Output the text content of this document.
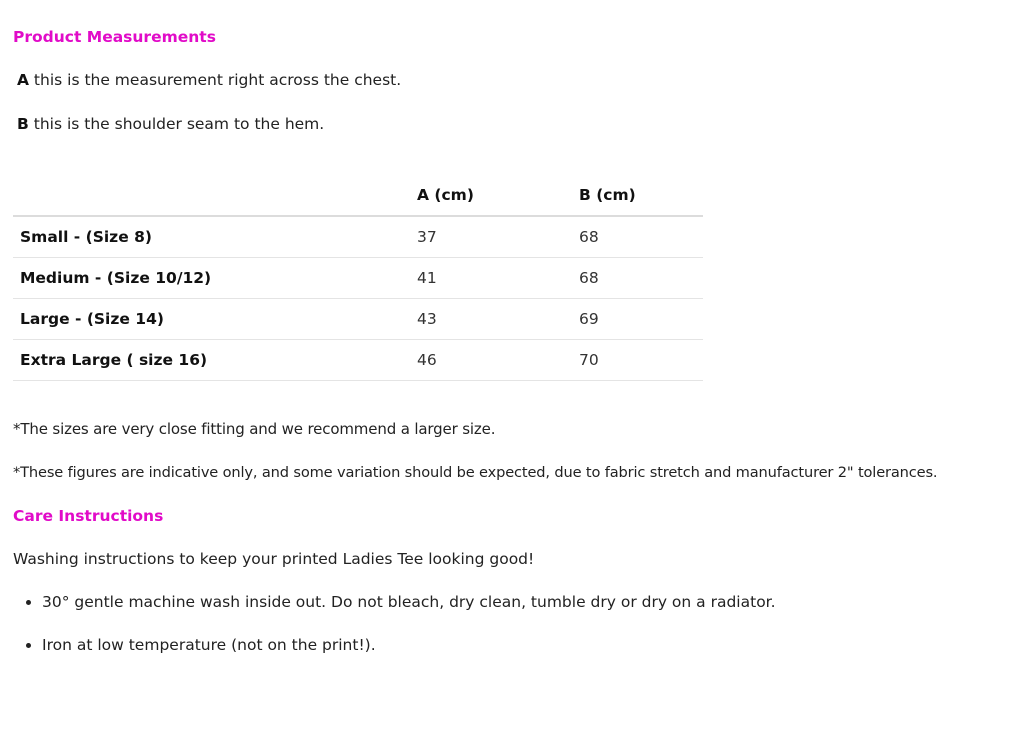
Product Measurements
A this is the measurement right across the chest.
B this is the shoulder seam to the hem.
	A (cm)	B (cm)
Small - (Size 8)	37	68
Medium - (Size 10/12)	41	68
Large - (Size 14)	43	69
Extra Large ( size 16)	46	70
*The sizes are very close fitting and we recommend a larger size.
*These figures are indicative only, and some variation should be expected, due to fabric stretch and manufacturer 2" tolerances.
Care Instructions
Washing instructions to keep your printed Ladies Tee looking good!
30° gentle machine wash inside out. Do not bleach, dry clean, tumble dry or dry on a radiator.
Iron at low temperature (not on the print!).
